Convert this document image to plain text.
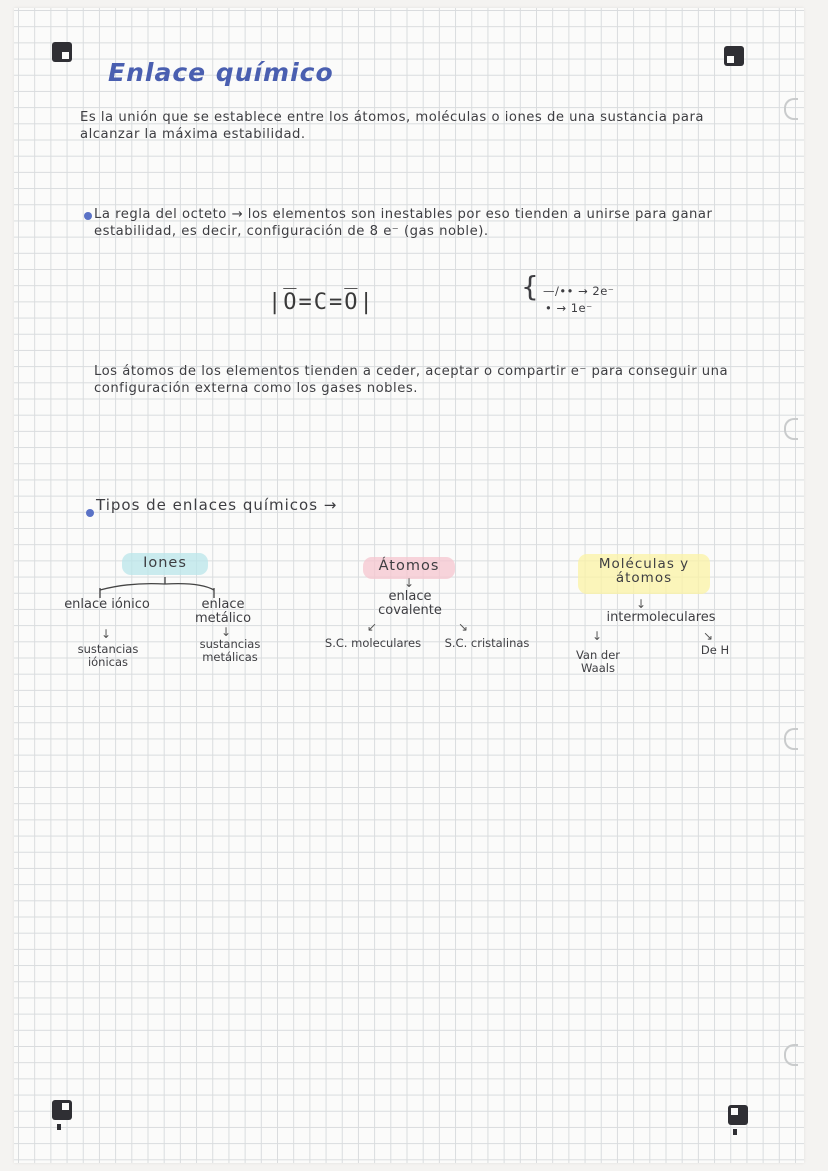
Enlace químico
Es la unión que se establece entre los átomos, moléculas o iones de una sustancia para alcanzar la máxima estabilidad.
La regla del octeto → los elementos son inestables por eso tienden a unirse para ganar estabilidad, es decir, configuración de 8 e⁻ (gas noble).
|O̅=C=O̅|	{ —/•• → 2e⁻
• → 1e⁻
Los átomos de los elementos tienden a ceder, aceptar o compartir e⁻ para conseguir una configuración externa como los gases nobles.
Tipos de enlaces químicos →
Iones
enlace iónico
↓
sustancias iónicas
enlace metálico
↓
sustancias metálicas
Átomos
↓
enlace covalente
↙	↘
S.C. moleculares	S.C. cristalinas
Moléculas y átomos
↓
intermoleculares
↓	↘
Van der Waals
De H
